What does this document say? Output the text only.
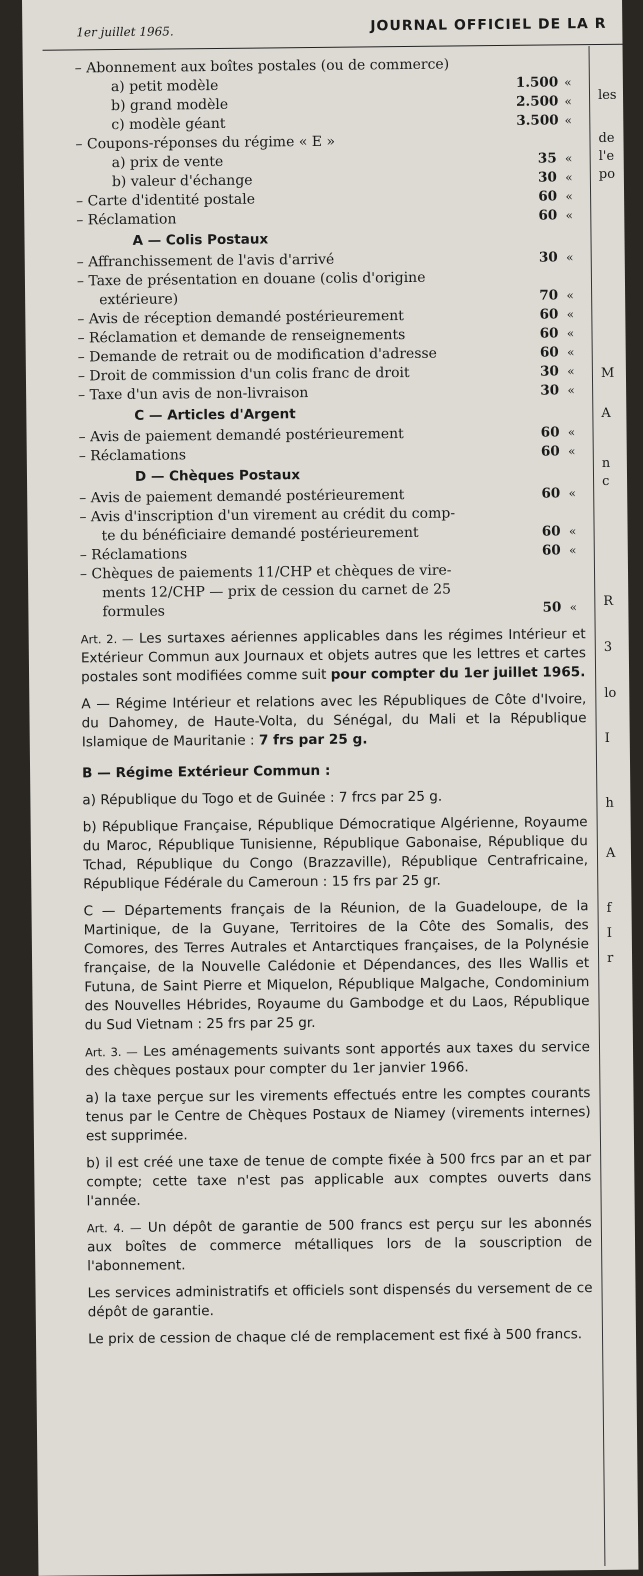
1er juillet 1965.	JOURNAL OFFICIEL DE LA R
les
de
l'e
po
M
A
n
c
R
3
lo
I
h
A
f
I
r
– Abonnement aux boîtes postales (ou de commerce)
a) petit modèle	1.500 «
b) grand modèle	2.500 «
c) modèle géant	3.500 «
– Coupons-réponses du régime « E »
a) prix de vente	35 «
b) valeur d'échange	30 «
– Carte d'identité postale	60 «
– Réclamation	60 «
A — Colis Postaux
– Affranchissement de l'avis d'arrivé	30 «
– Taxe de présentation en douane (colis d'origine
extérieure)	70 «
– Avis de réception demandé postérieurement	60 «
– Réclamation et demande de renseignements	60 «
– Demande de retrait ou de modification d'adresse	60 «
– Droit de commission d'un colis franc de droit	30 «
– Taxe d'un avis de non-livraison	30 «
C — Articles d'Argent
– Avis de paiement demandé postérieurement	60 «
– Réclamations	60 «
D — Chèques Postaux
– Avis de paiement demandé postérieurement	60 «
– Avis d'inscription d'un virement au crédit du comp-
te du bénéficiaire demandé postérieurement	60 «
– Réclamations	60 «
– Chèques de paiements 11/CHP et chèques de vire-
ments 12/CHP — prix de cession du carnet de 25
formules	50 «

Art. 2. — Les surtaxes aériennes applicables dans les régimes Intérieur et Extérieur Commun aux Journaux et objets autres que les lettres et cartes postales sont modifiées comme suit pour compter du 1er juillet 1965.

A — Régime Intérieur et relations avec les Républiques de Côte d'Ivoire, du Dahomey, de Haute-Volta, du Sénégal, du Mali et la République Islamique de Mauritanie : 7 frs par 25 g.

B — Régime Extérieur Commun :

a) République du Togo et de Guinée : 7 frcs par 25 g.

b) République Française, République Démocratique Algérienne, Royaume du Maroc, République Tunisienne, République Gabonaise, République du Tchad, République du Congo (Brazzaville), République Centrafricaine, République Fédérale du Cameroun : 15 frs par 25 gr.

C — Départements français de la Réunion, de la Guadeloupe, de la Martinique, de la Guyane, Territoires de la Côte des Somalis, des Comores, des Terres Autrales et Antarctiques françaises, de la Polynésie française, de la Nouvelle Calédonie et Dépendances, des Iles Wallis et Futuna, de Saint Pierre et Miquelon, République Malgache, Condominium des Nouvelles Hébrides, Royaume du Gambodge et du Laos, République du Sud Vietnam : 25 frs par 25 gr.

Art. 3. — Les aménagements suivants sont apportés aux taxes du service des chèques postaux pour compter du 1er janvier 1966.

a) la taxe perçue sur les virements effectués entre les comptes courants tenus par le Centre de Chèques Postaux de Niamey (virements internes) est supprimée.

b) il est créé une taxe de tenue de compte fixée à 500 frcs par an et par compte; cette taxe n'est pas applicable aux comptes ouverts dans l'année.

Art. 4. — Un dépôt de garantie de 500 francs est perçu sur les abonnés aux boîtes de commerce métalliques lors de la souscription de l'abonnement.

Les services administratifs et officiels sont dispensés du versement de ce dépôt de garantie.

Le prix de cession de chaque clé de remplacement est fixé à 500 francs.
